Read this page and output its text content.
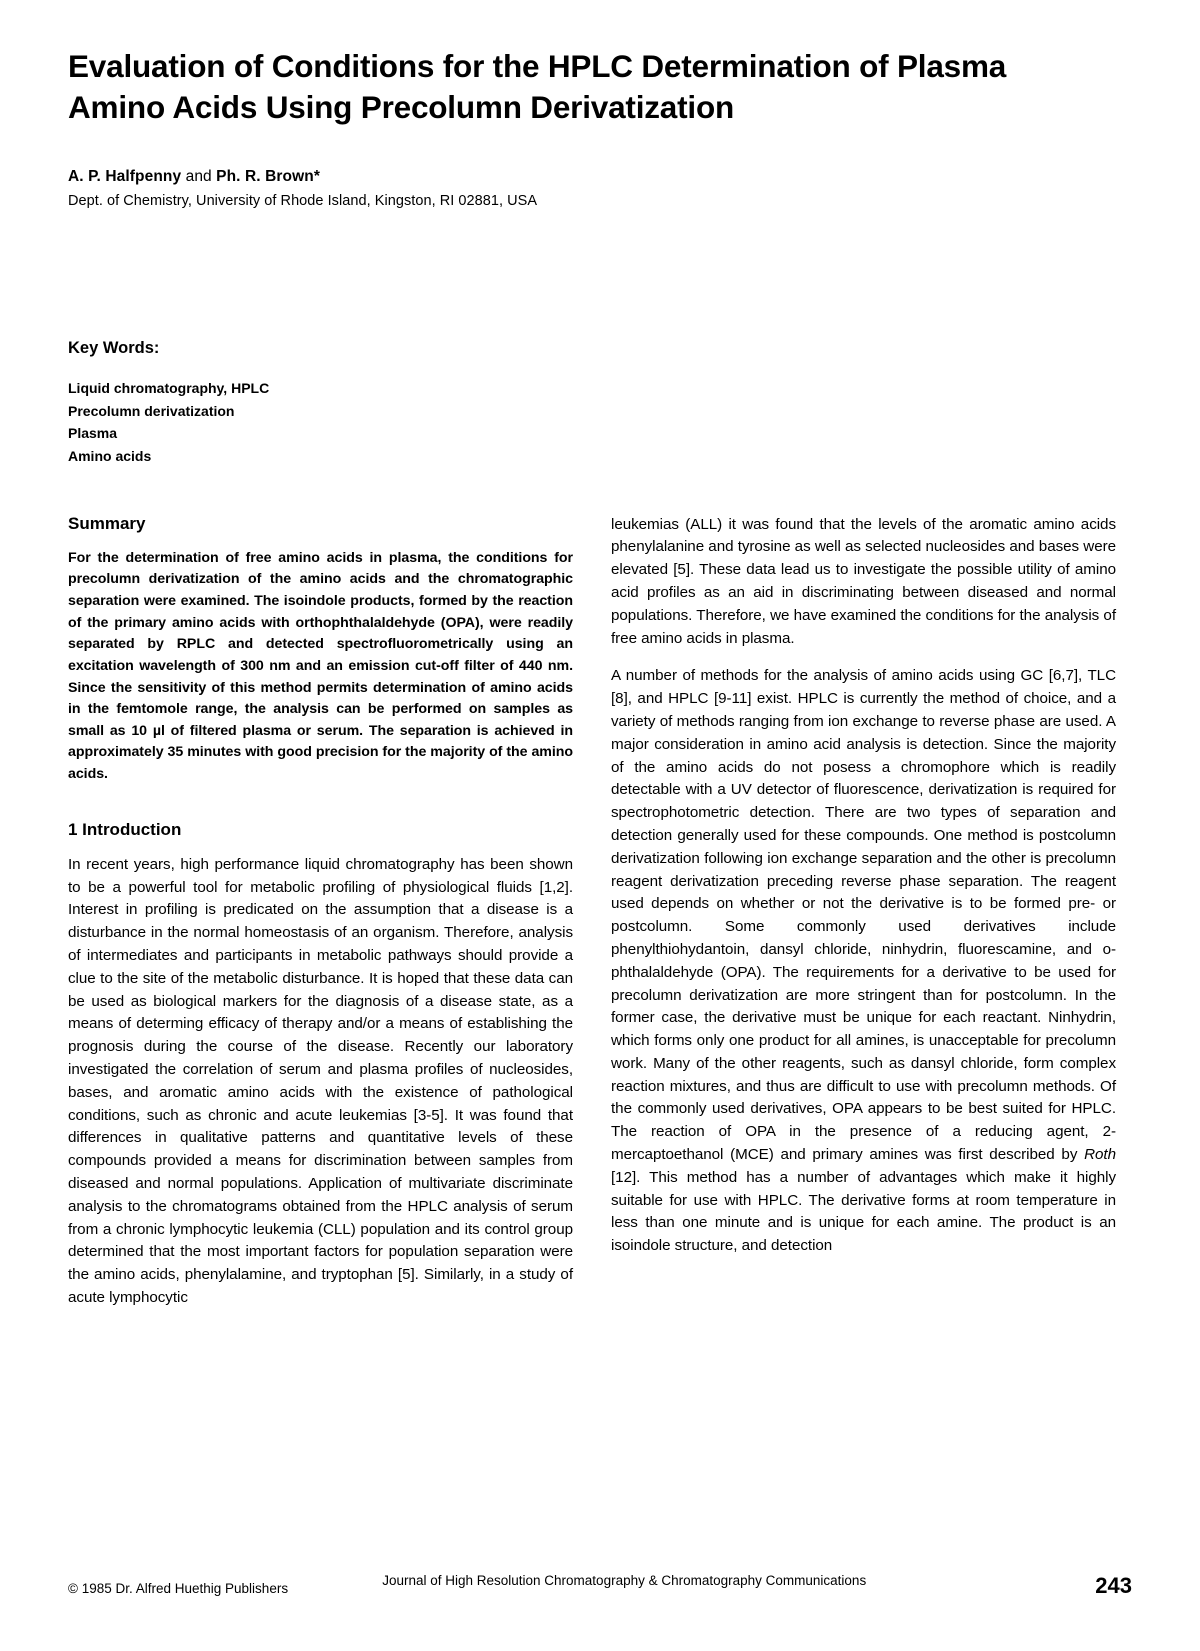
Evaluation of Conditions for the HPLC Determination of Plasma Amino Acids Using Precolumn Derivatization
A. P. Halfpenny and Ph. R. Brown*
Dept. of Chemistry, University of Rhode Island, Kingston, RI 02881, USA
Key Words:
Liquid chromatography, HPLC
Precolumn derivatization
Plasma
Amino acids
Summary

For the determination of free amino acids in plasma, the conditions for precolumn derivatization of the amino acids and the chromatographic separation were examined. The isoindole products, formed by the reaction of the primary amino acids with orthophthalaldehyde (OPA), were readily separated by RPLC and detected spectrofluorometrically using an excitation wavelength of 300 nm and an emission cut-off filter of 440 nm. Since the sensitivity of this method permits determination of amino acids in the femtomole range, the analysis can be performed on samples as small as 10 µl of filtered plasma or serum. The separation is achieved in approximately 35 minutes with good precision for the majority of the amino acids.

1 Introduction

In recent years, high performance liquid chromatography has been shown to be a powerful tool for metabolic profiling of physiological fluids [1,2]. Interest in profiling is predicated on the assumption that a disease is a disturbance in the normal homeostasis of an organism. Therefore, analysis of intermediates and participants in metabolic pathways should provide a clue to the site of the metabolic disturbance. It is hoped that these data can be used as biological markers for the diagnosis of a disease state, as a means of determing efficacy of therapy and/or a means of establishing the prognosis during the course of the disease. Recently our laboratory investigated the correlation of serum and plasma profiles of nucleosides, bases, and aromatic amino acids with the existence of pathological conditions, such as chronic and acute leukemias [3-5]. It was found that differences in qualitative patterns and quantitative levels of these compounds provided a means for discrimination between samples from diseased and normal populations. Application of multivariate discriminate analysis to the chromatograms obtained from the HPLC analysis of serum from a chronic lymphocytic leukemia (CLL) population and its control group determined that the most important factors for population separation were the amino acids, phenylalamine, and tryptophan [5]. Similarly, in a study of acute lymphocytic

leukemias (ALL) it was found that the levels of the aromatic amino acids phenylalanine and tyrosine as well as selected nucleosides and bases were elevated [5]. These data lead us to investigate the possible utility of amino acid profiles as an aid in discriminating between diseased and normal populations. Therefore, we have examined the conditions for the analysis of free amino acids in plasma.

A number of methods for the analysis of amino acids using GC [6,7], TLC [8], and HPLC [9-11] exist. HPLC is currently the method of choice, and a variety of methods ranging from ion exchange to reverse phase are used. A major consideration in amino acid analysis is detection. Since the majority of the amino acids do not posess a chromophore which is readily detectable with a UV detector of fluorescence, derivatization is required for spectrophotometric detection. There are two types of separation and detection generally used for these compounds. One method is postcolumn derivatization following ion exchange separation and the other is precolumn reagent derivatization preceding reverse phase separation. The reagent used depends on whether or not the derivative is to be formed pre- or postcolumn. Some commonly used derivatives include phenylthiohydantoin, dansyl chloride, ninhydrin, fluorescamine, and o-phthalaldehyde (OPA). The requirements for a derivative to be used for precolumn derivatization are more stringent than for postcolumn. In the former case, the derivative must be unique for each reactant. Ninhydrin, which forms only one product for all amines, is unacceptable for precolumn work. Many of the other reagents, such as dansyl chloride, form complex reaction mixtures, and thus are difficult to use with precolumn methods. Of the commonly used derivatives, OPA appears to be best suited for HPLC. The reaction of OPA in the presence of a reducing agent, 2-mercaptoethanol (MCE) and primary amines was first described by Roth [12]. This method has a number of advantages which make it highly suitable for use with HPLC. The derivative forms at room temperature in less than one minute and is unique for each amine. The product is an isoindole structure, and detection

© 1985 Dr. Alfred Huethig Publishers
Journal of High Resolution Chromatography & Chromatography Communications	243
